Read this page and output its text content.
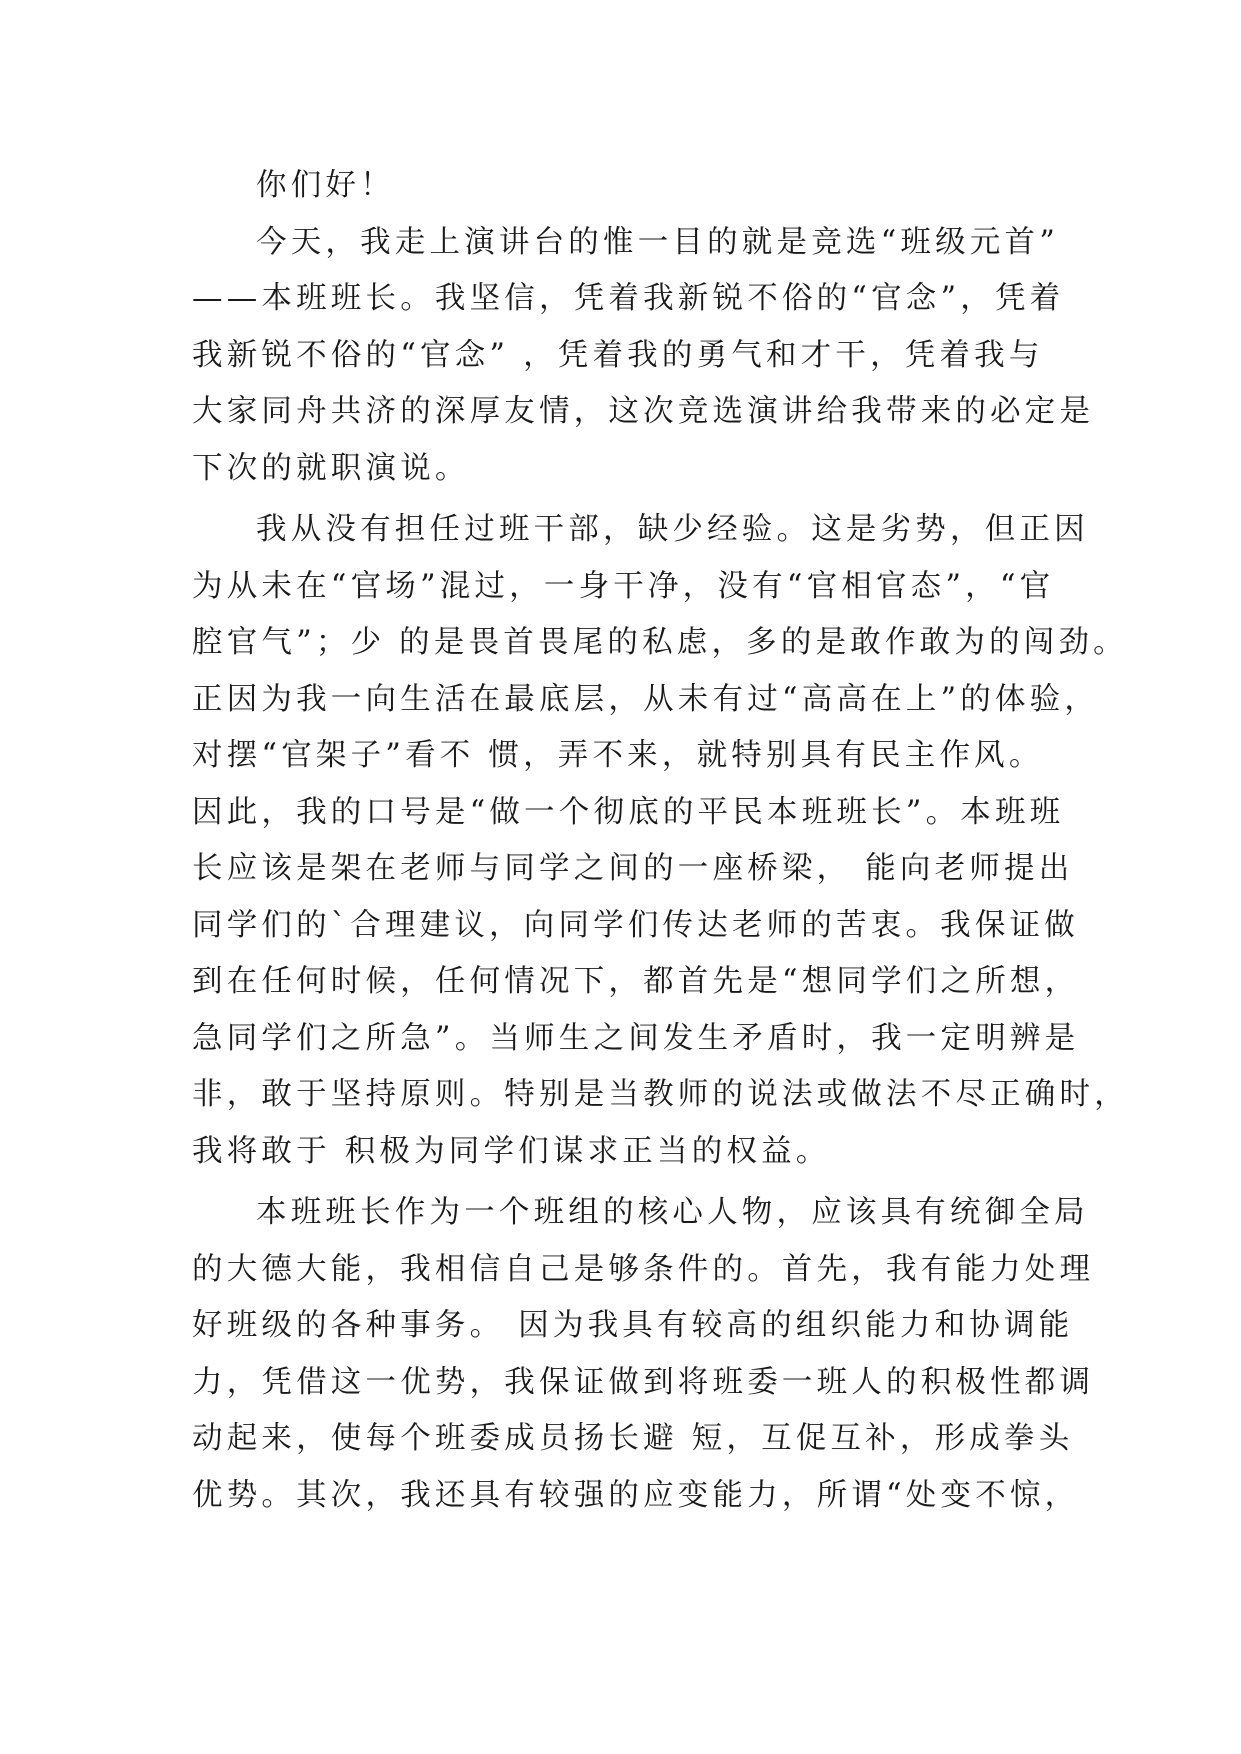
你们好！
今天，我走上演讲台的惟一目的就是竞选“班级元首”
——本班班长。我坚信，凭着我新锐不俗的“官念”，凭着
我新锐不俗的“官念” ，凭着我的勇气和才干，凭着我与
大家同舟共济的深厚友情，这次竞选演讲给我带来的必定是
下次的就职演说。
我从没有担任过班干部，缺少经验。这是劣势，但正因
为从未在“官场”混过，一身干净，没有“官相官态”，“官
腔官气”；少 的是畏首畏尾的私虑，多的是敢作敢为的闯劲。
正因为我一向生活在最底层，从未有过“高高在上”的体验，
对摆“官架子”看不 惯，弄不来，就特别具有民主作风。
因此，我的口号是“做一个彻底的平民本班班长”。本班班
长应该是架在老师与同学之间的一座桥梁， 能向老师提出
同学们的`合理建议，向同学们传达老师的苦衷。我保证做
到在任何时候，任何情况下，都首先是“想同学们之所想，
急同学们之所急”。当师生之间发生矛盾时，我一定明辨是
非，敢于坚持原则。特别是当教师的说法或做法不尽正确时，
我将敢于 积极为同学们谋求正当的权益。
本班班长作为一个班组的核心人物，应该具有统御全局
的大德大能，我相信自己是够条件的。首先，我有能力处理
好班级的各种事务。 因为我具有较高的组织能力和协调能
力，凭借这一优势，我保证做到将班委一班人的积极性都调
动起来，使每个班委成员扬长避 短，互促互补，形成拳头
优势。其次，我还具有较强的应变能力，所谓“处变不惊，
